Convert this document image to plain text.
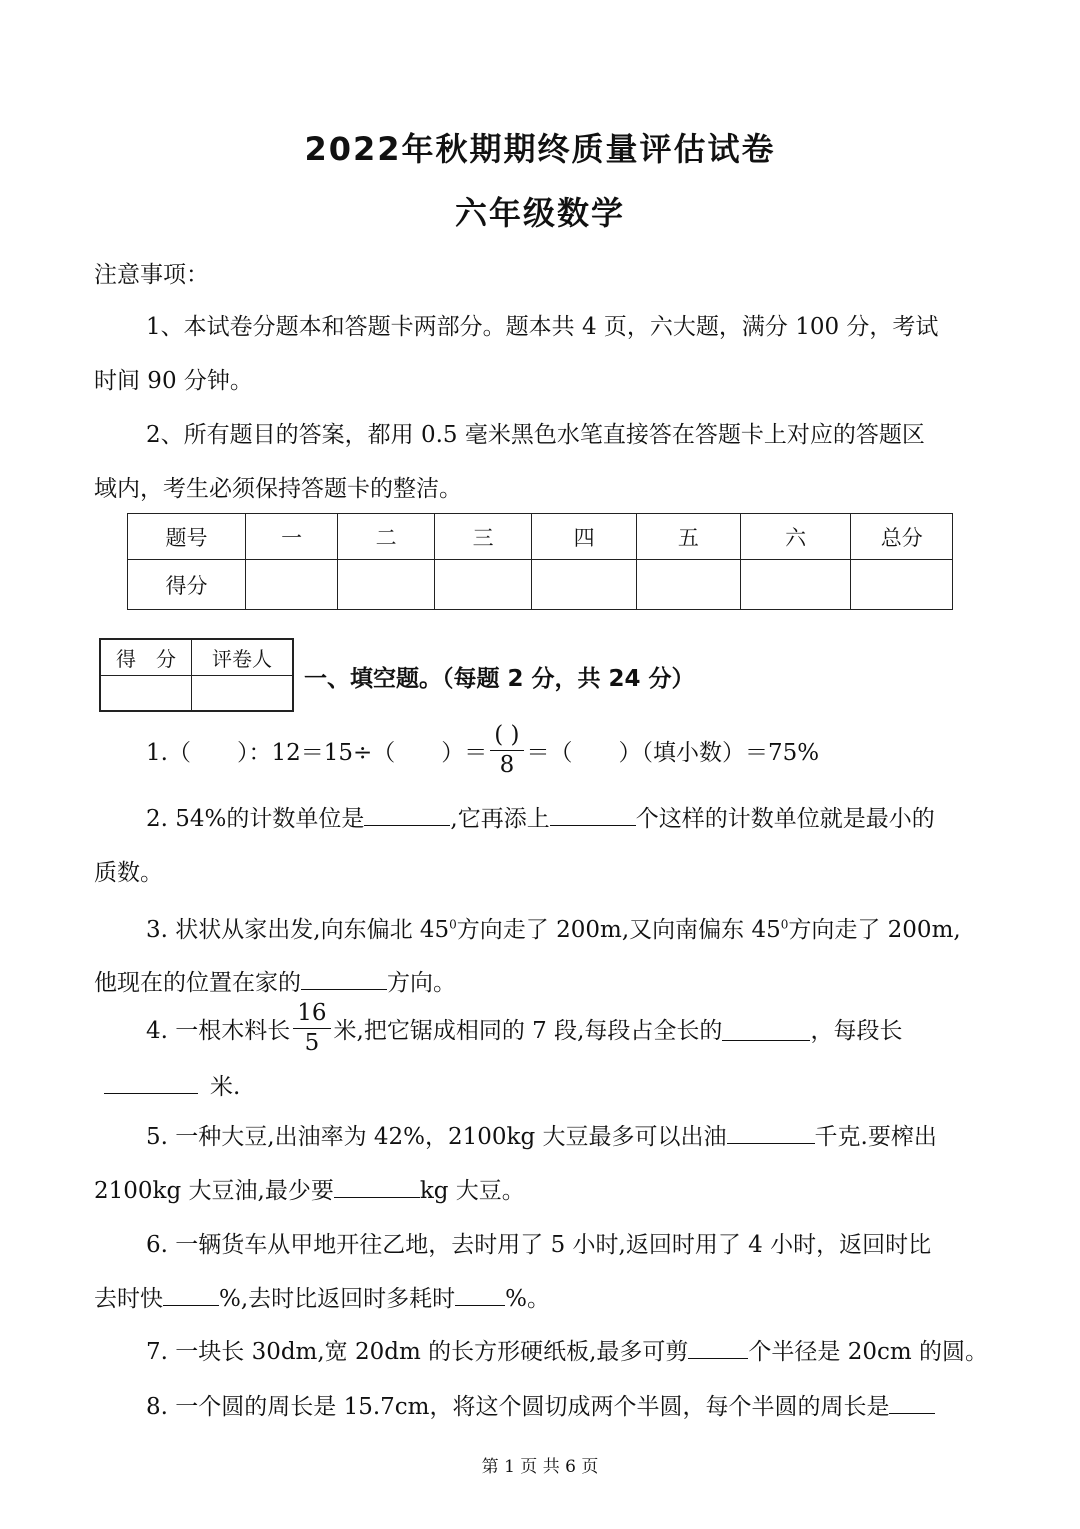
2022年秋期期终质量评估试卷
六年级数学
注意事项：
1、本试卷分题本和答题卡两部分。题本共 4 页，六大题，满分 100 分，考试
时间 90 分钟。
2、所有题目的答案，都用 0.5 毫米黑色水笔直接答在答题卡上对应的答题区
域内，考生必须保持答题卡的整洁。
题号	一	二	三	四	五	六	总分
得分							
得　分	评卷人

一、填空题。（每题 2 分，共 24 分）
1.（　　）：12＝15÷（　　）＝ $\frac{( )}{8}$ ＝（　　）（填小数）＝75%
2. 54%的计数单位是	,它再添上	个这样的计数单位就是最小的
质数。
3. 状状从家出发,向东偏北 $45^0$方向走了 200m,又向南偏东 $45^0$方向走了 200m,
他现在的位置在家的	方向。
4. 一根木料长 $\frac{16}{5}$ 米,把它锯成相同的 7 段,每段占全长的	，每段长
米.
5. 一种大豆,出油率为 42%，2100kg 大豆最多可以出油	千克.要榨出
2100kg 大豆油,最少要	kg 大豆。
6. 一辆货车从甲地开往乙地，去时用了 5 小时,返回时用了 4 小时，返回时比
去时快 %,去时比返回时多耗时 %。
7. 一块长 30dm,宽 20dm 的长方形硬纸板,最多可剪	个半径是 20cm 的圆。
8. 一个圆的周长是 15.7cm，将这个圆切成两个半圆，每个半圆的周长是
第 1 页 共 6 页
